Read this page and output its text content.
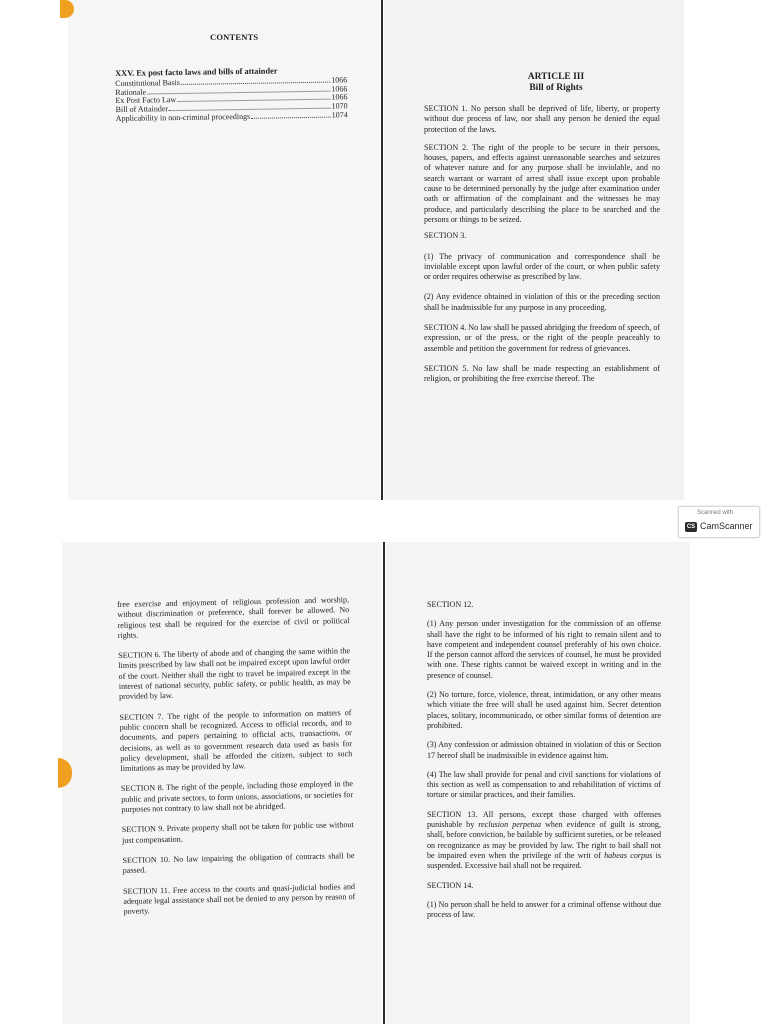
CONTENTS
XXV. Ex post facto laws and bills of attainder
Constitutional Basis	1066
Rationale	1066
Ex Post Facto Law	1066
Bill of Attainder	1070
Applicability in non-criminal proceedings	1074
ARTICLE III
Bill of Rights

SECTION 1. No person shall be deprived of life, liberty, or property without due process of law, nor shall any person be denied the equal protection of the laws.

SECTION 2. The right of the people to be secure in their persons, houses, papers, and effects against unreasonable searches and seizures of whatever nature and for any purpose shall be inviolable, and no search warrant or warrant of arrest shall issue except upon probable cause to be determined personally by the judge after examination under oath or affirmation of the complainant and the witnesses he may produce, and particularly describing the place to be searched and the persons or things to be seized.

SECTION 3.

(1) The privacy of communication and correspondence shall be inviolable except upon lawful order of the court, or when public safety or order requires otherwise as prescribed by law.

(2) Any evidence obtained in violation of this or the preceding section shall be inadmissible for any purpose in any proceeding.

SECTION 4. No law shall be passed abridging the freedom of speech, of expression, or of the press, or the right of the people peaceably to assemble and petition the government for redress of grievances.

SECTION 5. No law shall be made respecting an establishment of religion, or prohibiting the free exercise thereof. The

Scanned with
CS CamScanner

free exercise and enjoyment of religious profession and worship, without discrimination or preference, shall forever be allowed. No religious test shall be required for the exercise of civil or political rights.

SECTION 6. The liberty of abode and of changing the same within the limits prescribed by law shall not be impaired except upon lawful order of the court. Neither shall the right to travel be impaired except in the interest of national security, public safety, or public health, as may be provided by law.

SECTION 7. The right of the people to information on matters of public concern shall be recognized. Access to official records, and to documents, and papers pertaining to official acts, transactions, or decisions, as well as to government research data used as basis for policy development, shall be afforded the citizen, subject to such limitations as may be provided by law.

SECTION 8. The right of the people, including those employed in the public and private sectors, to form unions, associations, or societies for purposes not contrary to law shall not be abridged.

SECTION 9. Private property shall not be taken for public use without just compensation.

SECTION 10. No law impairing the obligation of contracts shall be passed.

SECTION 11. Free access to the courts and quasi-judicial bodies and adequate legal assistance shall not be denied to any person by reason of poverty.

SECTION 12.

(1) Any person under investigation for the commission of an offense shall have the right to be informed of his right to remain silent and to have competent and independent counsel preferably of his own choice. If the person cannot afford the services of counsel, he must be provided with one. These rights cannot be waived except in writing and in the presence of counsel.

(2) No torture, force, violence, threat, intimidation, or any other means which vitiate the free will shall be used against him. Secret detention places, solitary, incommunicado, or other similar forms of detention are prohibited.

(3) Any confession or admission obtained in violation of this or Section 17 hereof shall be inadmissible in evidence against him.

(4) The law shall provide for penal and civil sanctions for violations of this section as well as compensation to and rehabilitation of victims of torture or similar practices, and their families.

SECTION 13. All persons, except those charged with offenses punishable by reclusion perpetua when evidence of guilt is strong, shall, before conviction, be bailable by sufficient sureties, or be released on recognizance as may be provided by law. The right to bail shall not be impaired even when the privilege of the writ of habeas corpus is suspended. Excessive bail shall not be required.

SECTION 14.

(1) No person shall be held to answer for a criminal offense without due process of law.
